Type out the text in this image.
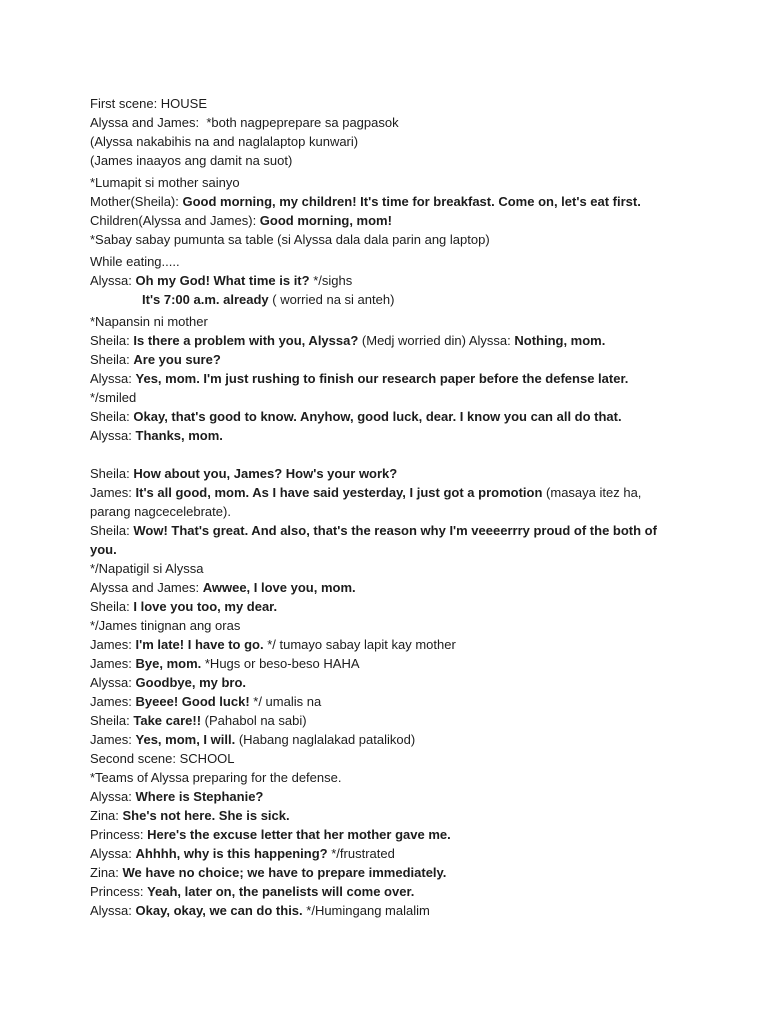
First scene: HOUSE

Alyssa and James:  *both nagpeprepare sa pagpasok

(Alyssa nakabihis na and naglalaptop kunwari)

(James inaayos ang damit na suot)

*Lumapit si mother sainyo

Mother(Sheila): Good morning, my children! It's time for breakfast. Come on, let's eat first.

Children(Alyssa and James): Good morning, mom!

*Sabay sabay pumunta sa table (si Alyssa dala dala parin ang laptop)

While eating.....

Alyssa: Oh my God! What time is it? */sighs

It's 7:00 a.m. already ( worried na si anteh)

*Napansin ni mother

Sheila: Is there a problem with you, Alyssa? (Medj worried din) Alyssa: Nothing, mom.

Sheila: Are you sure?

Alyssa: Yes, mom. I'm just rushing to finish our research paper before the defense later.

*/smiled

Sheila: Okay, that's good to know. Anyhow, good luck, dear. I know you can all do that.

Alyssa: Thanks, mom.

Sheila: How about you, James? How's your work?

James: It's all good, mom. As I have said yesterday, I just got a promotion (masaya itez ha,

parang nagcecelebrate).

Sheila: Wow! That's great. And also, that's the reason why I'm veeeerrry proud of the both of

you.

*/Napatigil si Alyssa

Alyssa and James: Awwee, I love you, mom.

Sheila: I love you too, my dear.

*/James tinignan ang oras

James: I'm late! I have to go. */ tumayo sabay lapit kay mother

James: Bye, mom. *Hugs or beso-beso HAHA

Alyssa: Goodbye, my bro.

James: Byeee! Good luck! */ umalis na

Sheila: Take care!! (Pahabol na sabi)

James: Yes, mom, I will. (Habang naglalakad patalikod)

Second scene: SCHOOL

*Teams of Alyssa preparing for the defense.

Alyssa: Where is Stephanie?

Zina: She's not here. She is sick.

Princess: Here's the excuse letter that her mother gave me.

Alyssa: Ahhhh, why is this happening? */frustrated

Zina: We have no choice; we have to prepare immediately.

Princess: Yeah, later on, the panelists will come over.

Alyssa: Okay, okay, we can do this. */Humingang malalim
